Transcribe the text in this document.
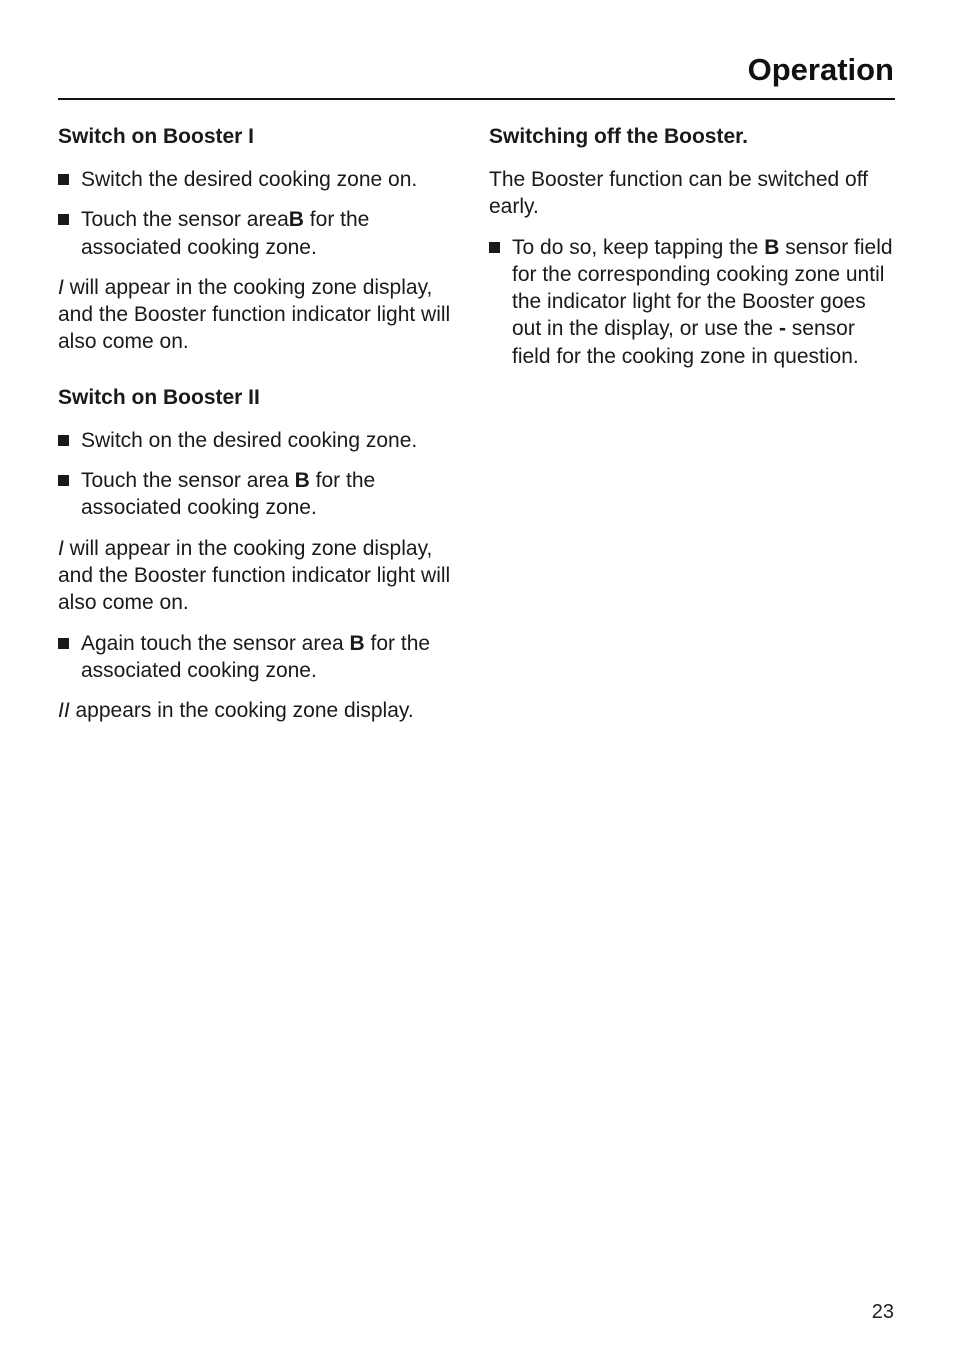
Operation
Switch on Booster I
Switch the desired cooking zone on.
Touch the sensor areaB for the associated cooking zone.

I will appear in the cooking zone display, and the Booster function indicator light will also come on.

Switch on Booster II
Switch on the desired cooking zone.
Touch the sensor area B for the associated cooking zone.

I will appear in the cooking zone display, and the Booster function indicator light will also come on.

Again touch the sensor area B for the associated cooking zone.

II appears in the cooking zone display.

Switching off the Booster.

The Booster function can be switched off early.

To do so, keep tapping the B sensor field for the corresponding cooking zone until the indicator light for the Booster goes out in the display, or use the - sensor field for the cooking zone in question.
23
